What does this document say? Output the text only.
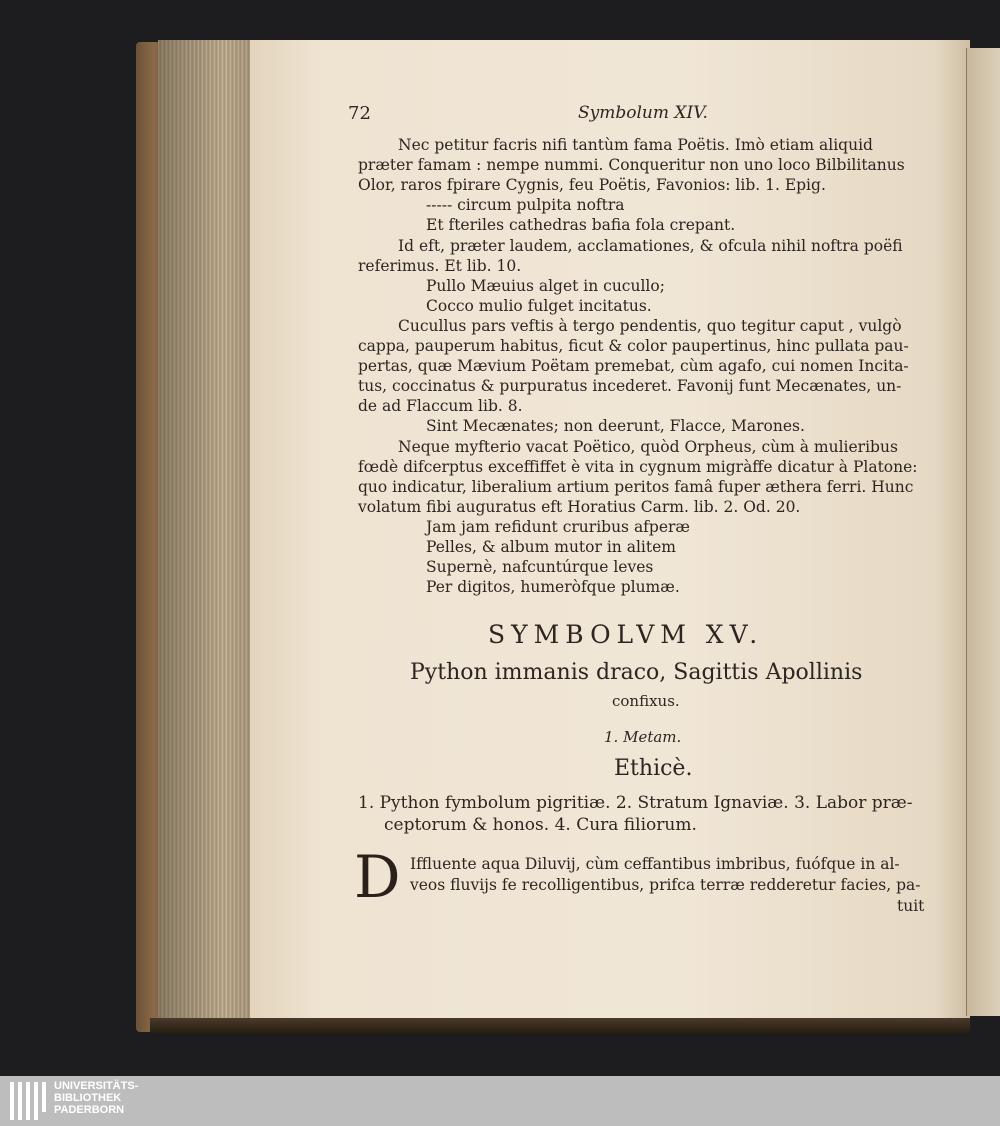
72	Symbolum XIV.
Nec petitur facris nifi tantùm fama Poëtis. Imò etiam aliquid
præter famam : nempe nummi. Conqueritur non uno loco Bilbilitanus
Olor, raros fpirare Cygnis, feu Poëtis, Favonios: lib. 1. Epig.
----- circum pulpita noftra
Et fteriles cathedras bafia fola crepant.
Id eft, præter laudem, acclamationes, & ofcula nihil noftra poëfi
referimus. Et lib. 10.
Pullo Mæuius alget in cucullo;
Cocco mulio fulget incitatus.
Cucullus pars veftis à tergo pendentis, quo tegitur caput , vulgò
cappa, pauperum habitus, ficut & color paupertinus, hinc pullata pau-
pertas, quæ Mævium Poëtam premebat, cùm agafo, cui nomen Incita-
tus, coccinatus & purpuratus incederet. Favonij funt Mecænates, un-
de ad Flaccum lib. 8.
Sint Mecænates; non deerunt, Flacce, Marones.
Neque myfterio vacat Poëtico, quòd Orpheus, cùm à mulieribus
fœdè difcerptus exceffiffet è vita in cygnum migràffe dicatur à Platone:
quo indicatur, liberalium artium peritos famâ fuper æthera ferri. Hunc
volatum fibi auguratus eft Horatius Carm. lib. 2. Od. 20.
Jam jam refidunt cruribus afperæ
Pelles, & album mutor in alitem
Supernè, nafcuntúrque leves
Per digitos, humeròfque plumæ.
SYMBOLVM XV.
Python immanis draco, Sagittis Apollinis
confixus.
1. Metam.
Ethicè.
1. Python fymbolum pigritiæ. 2. Stratum Ignaviæ. 3. Labor præ-
ceptorum & honos. 4. Cura filiorum.
D Iffluente aqua Diluvij, cùm ceffantibus imbribus, fuófque in al-
veos fluvijs fe recolligentibus, prifca terræ redderetur facies, pa-
tuit
UNIVERSITÄTS-
BIBLIOTHEK
PADERBORN
